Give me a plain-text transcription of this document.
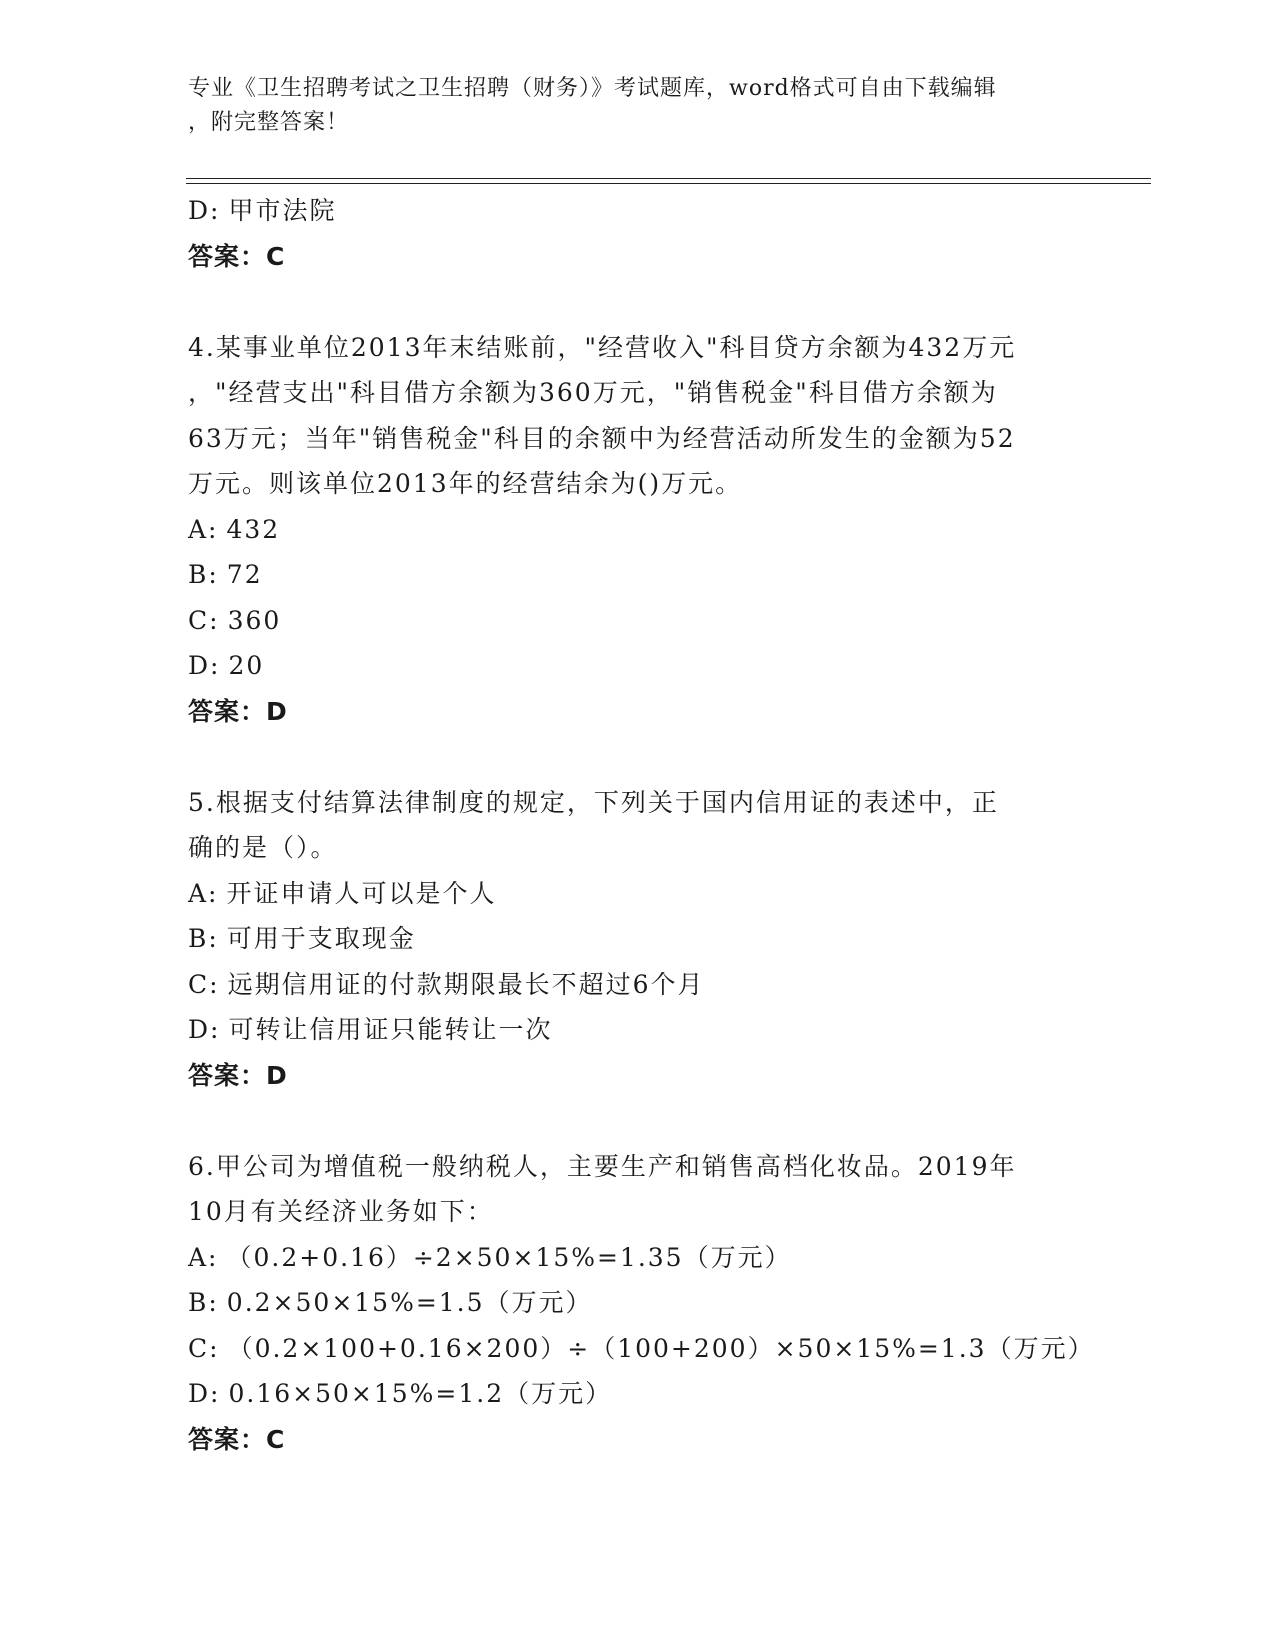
专业《卫生招聘考试之卫生招聘（财务）》考试题库，word格式可自由下载编辑
，附完整答案！
D: 甲市法院
答案：C
4.某事业单位2013年末结账前，"经营收入"科目贷方余额为432万元
，"经营支出"科目借方余额为360万元，"销售税金"科目借方余额为
63万元；当年"销售税金"科目的余额中为经营活动所发生的金额为52
万元。则该单位2013年的经营结余为()万元。
A: 432
B: 72
C: 360
D: 20
答案：D
5.根据支付结算法律制度的规定，下列关于国内信用证的表述中，正
确的是（）。
A: 开证申请人可以是个人
B: 可用于支取现金
C: 远期信用证的付款期限最长不超过6个月
D: 可转让信用证只能转让一次
答案：D
6.甲公司为增值税一般纳税人，主要生产和销售高档化妆品。2019年
10月有关经济业务如下：
A: （0.2+0.16）÷2×50×15%=1.35（万元）
B: 0.2×50×15%=1.5（万元）
C: （0.2×100+0.16×200）÷（100+200）×50×15%=1.3（万元）
D: 0.16×50×15%=1.2（万元）
答案：C
